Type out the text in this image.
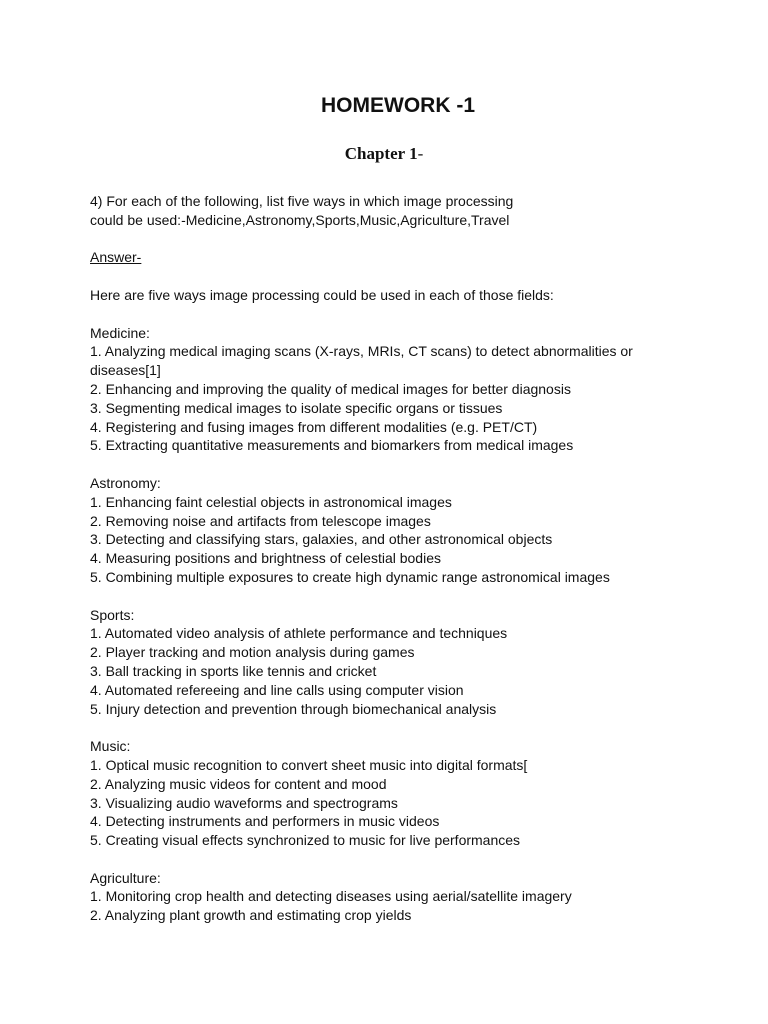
HOMEWORK -1
Chapter 1-
4) For each of the following, list five ways in which image processing
could be used:-Medicine,Astronomy,Sports,Music,Agriculture,Travel
Answer-
Here are five ways image processing could be used in each of those fields:
Medicine:
1. Analyzing medical imaging scans (X-rays, MRIs, CT scans) to detect abnormalities or
diseases[1]
2. Enhancing and improving the quality of medical images for better diagnosis
3. Segmenting medical images to isolate specific organs or tissues
4. Registering and fusing images from different modalities (e.g. PET/CT)
5. Extracting quantitative measurements and biomarkers from medical images
Astronomy:
1. Enhancing faint celestial objects in astronomical images
2. Removing noise and artifacts from telescope images
3. Detecting and classifying stars, galaxies, and other astronomical objects
4. Measuring positions and brightness of celestial bodies
5. Combining multiple exposures to create high dynamic range astronomical images
Sports:
1. Automated video analysis of athlete performance and techniques
2. Player tracking and motion analysis during games
3. Ball tracking in sports like tennis and cricket
4. Automated refereeing and line calls using computer vision
5. Injury detection and prevention through biomechanical analysis
Music:
1. Optical music recognition to convert sheet music into digital formats[
2. Analyzing music videos for content and mood
3. Visualizing audio waveforms and spectrograms
4. Detecting instruments and performers in music videos
5. Creating visual effects synchronized to music for live performances
Agriculture:
1. Monitoring crop health and detecting diseases using aerial/satellite imagery
2. Analyzing plant growth and estimating crop yields
